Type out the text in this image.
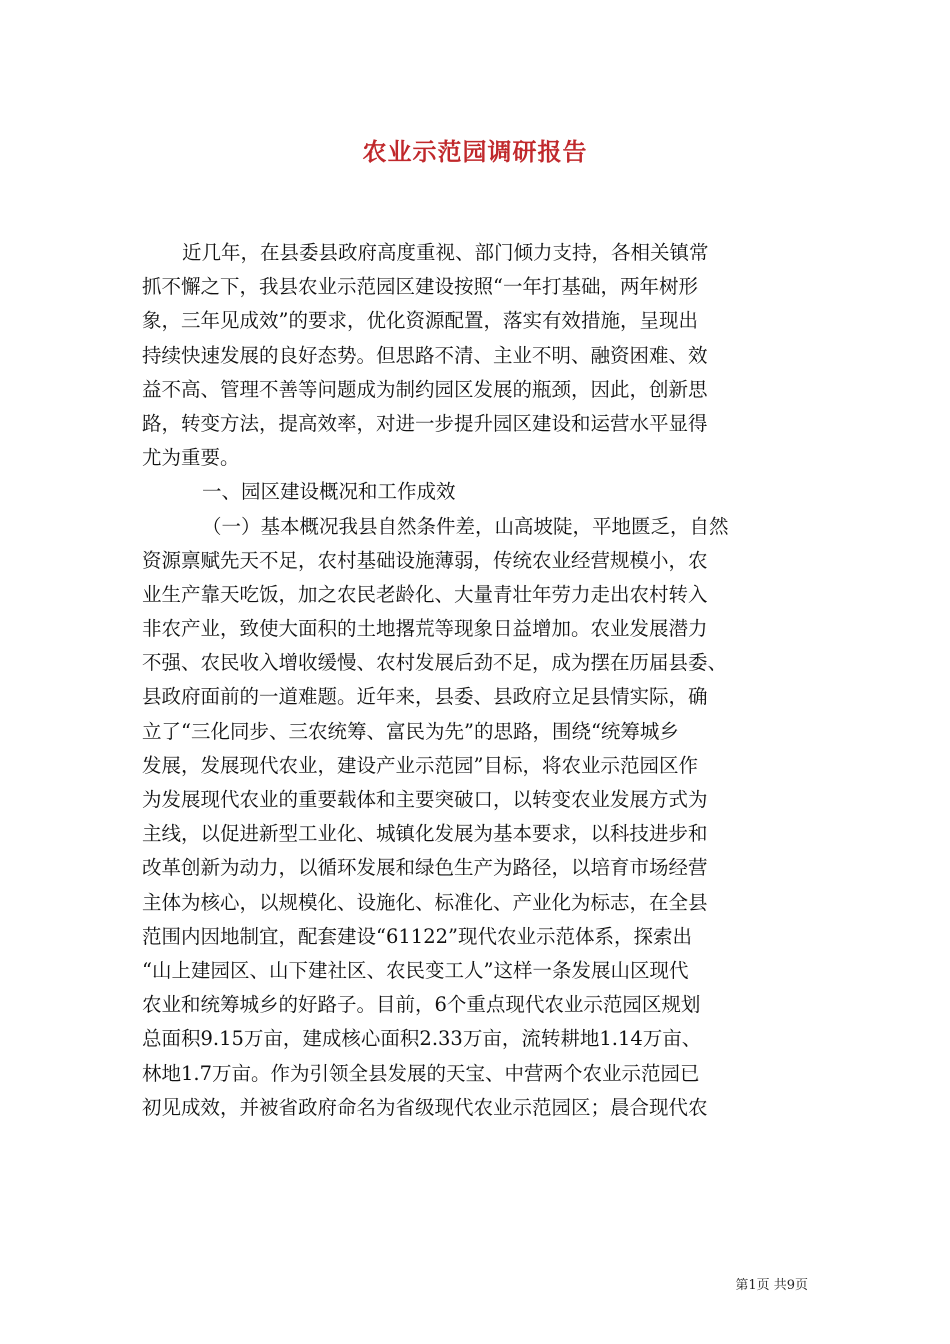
农业示范园调研报告
近几年，在县委县政府高度重视、部门倾力支持，各相关镇常
抓不懈之下，我县农业示范园区建设按照“一年打基础，两年树形
象，三年见成效”的要求，优化资源配置，落实有效措施，呈现出
持续快速发展的良好态势。但思路不清、主业不明、融资困难、效
益不高、管理不善等问题成为制约园区发展的瓶颈，因此，创新思
路，转变方法，提高效率，对进一步提升园区建设和运营水平显得
尤为重要。
一、园区建设概况和工作成效
（一）基本概况我县自然条件差，山高坡陡，平地匮乏，自然
资源禀赋先天不足，农村基础设施薄弱，传统农业经营规模小，农
业生产靠天吃饭，加之农民老龄化、大量青壮年劳力走出农村转入
非农产业，致使大面积的土地撂荒等现象日益增加。农业发展潜力
不强、农民收入增收缓慢、农村发展后劲不足，成为摆在历届县委、
县政府面前的一道难题。近年来，县委、县政府立足县情实际，确
立了“三化同步、三农统筹、富民为先”的思路，围绕“统筹城乡
发展，发展现代农业，建设产业示范园”目标，将农业示范园区作
为发展现代农业的重要载体和主要突破口，以转变农业发展方式为
主线，以促进新型工业化、城镇化发展为基本要求，以科技进步和
改革创新为动力，以循环发展和绿色生产为路径，以培育市场经营
主体为核心，以规模化、设施化、标准化、产业化为标志，在全县
范围内因地制宜，配套建设“61122”现代农业示范体系，探索出
“山上建园区、山下建社区、农民变工人”这样一条发展山区现代
农业和统筹城乡的好路子。目前，6个重点现代农业示范园区规划
总面积9.15万亩，建成核心面积2.33万亩，流转耕地1.14万亩、
林地1.7万亩。作为引领全县发展的天宝、中营两个农业示范园已
初见成效，并被省政府命名为省级现代农业示范园区；晨合现代农
第1页 共9页
